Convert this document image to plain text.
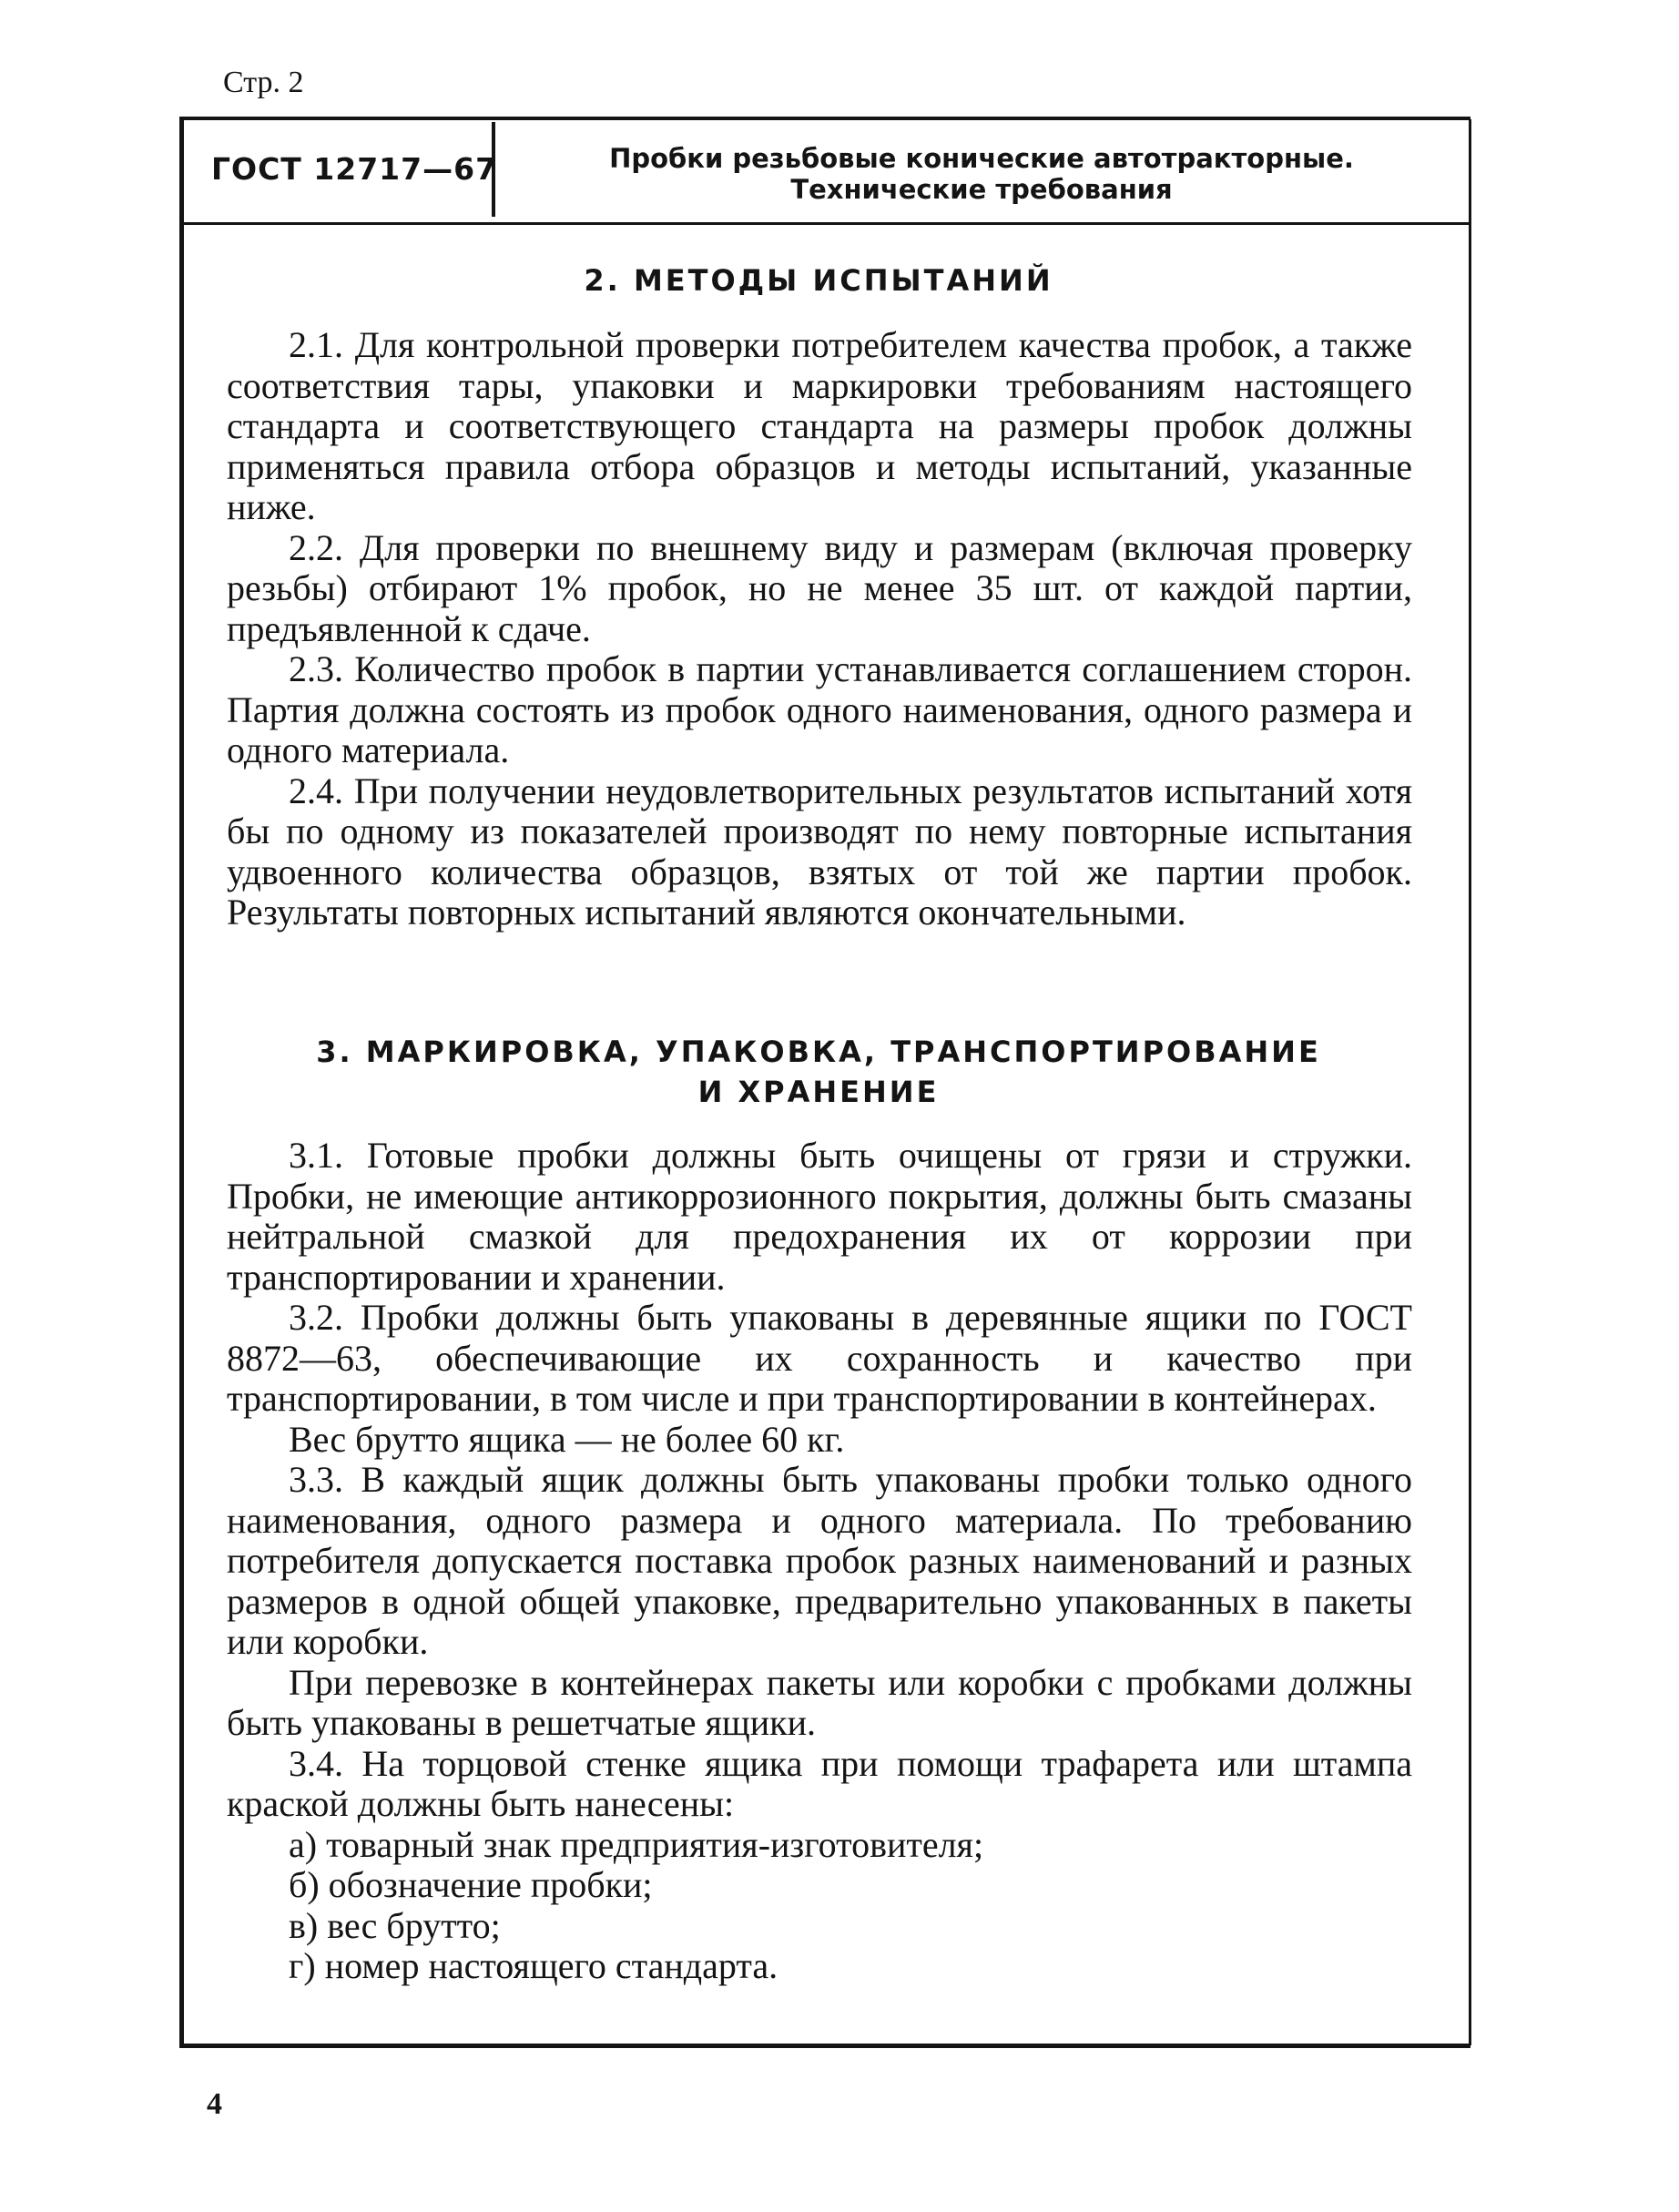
Стр. 2
ГОСТ 12717—67	Пробки резьбовые конические автотракторные.
Технические требования
2. МЕТОДЫ ИСПЫТАНИЙ

2.1. Для контрольной проверки потребителем качества пробок, а также соответствия тары, упаковки и маркировки требованиям настоящего стандарта и соответствующего стандарта на размеры пробок должны применяться правила отбора образцов и методы испытаний, указанные ниже.

2.2. Для проверки по внешнему виду и размерам (включая проверку резьбы) отбирают 1% пробок, но не менее 35 шт. от каждой партии, предъявленной к сдаче.

2.3. Количество пробок в партии устанавливается соглашением сторон. Партия должна состоять из пробок одного наименования, одного размера и одного материала.

2.4. При получении неудовлетворительных результатов испытаний хотя бы по одному из показателей производят по нему повторные испытания удвоенного количества образцов, взятых от той же партии пробок. Результаты повторных испытаний являются окончательными.

3. МАРКИРОВКА, УПАКОВКА, ТРАНСПОРТИРОВАНИЕ
И ХРАНЕНИЕ

3.1. Готовые пробки должны быть очищены от грязи и стружки. Пробки, не имеющие антикоррозионного покрытия, должны быть смазаны нейтральной смазкой для предохранения их от коррозии при транспортировании и хранении.

3.2. Пробки должны быть упакованы в деревянные ящики по ГОСТ 8872—63, обеспечивающие их сохранность и качество при транспортировании, в том числе и при транспортировании в контейнерах.

Вес брутто ящика — не более 60 кг.

3.3. В каждый ящик должны быть упакованы пробки только одного наименования, одного размера и одного материала. По требованию потребителя допускается поставка пробок разных наименований и разных размеров в одной общей упаковке, предварительно упакованных в пакеты или коробки.

При перевозке в контейнерах пакеты или коробки с пробками должны быть упакованы в решетчатые ящики.

3.4. На торцовой стенке ящика при помощи трафарета или штампа краской должны быть нанесены:

а) товарный знак предприятия-изготовителя;

б) обозначение пробки;

в) вес брутто;

г) номер настоящего стандарта.

4
